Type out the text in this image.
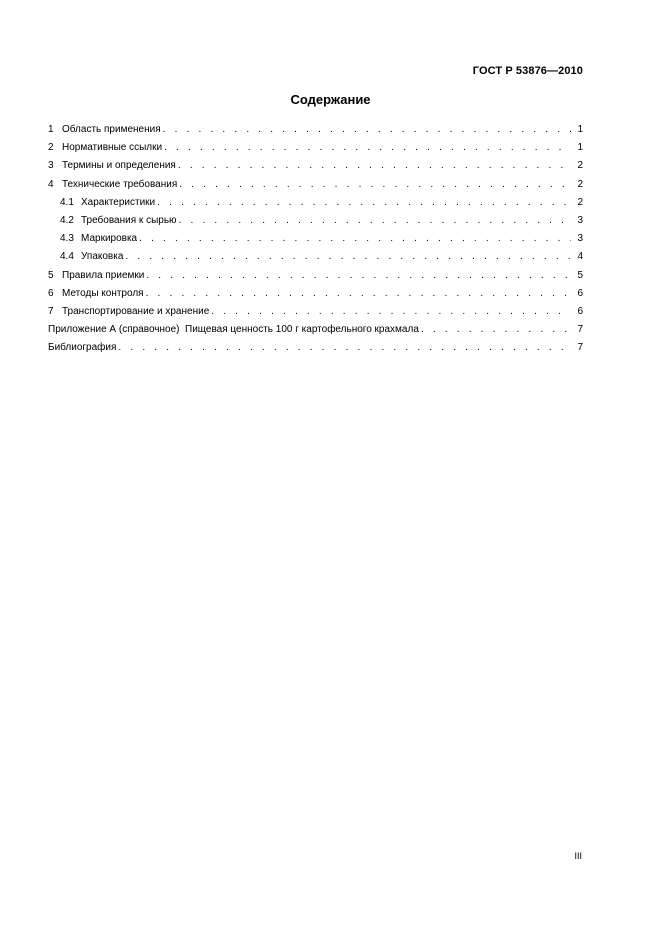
ГОСТ Р 53876—2010
Содержание
1 Область применения . . .	1
2 Нормативные ссылки . . .	1
3 Термины и определения . . .	2
4 Технические требования . . .	2
4.1 Характеристики . . .	2
4.2 Требования к сырью . . .	3
4.3 Маркировка . . .	3
4.4 Упаковка . . .	4
5 Правила приемки . . .	5
6 Методы контроля . . .	6
7 Транспортирование и хранение . . .	6
Приложение А (справочное)  Пищевая ценность 100 г картофельного крахмала . . .	7
Библиография . . .	7
III
